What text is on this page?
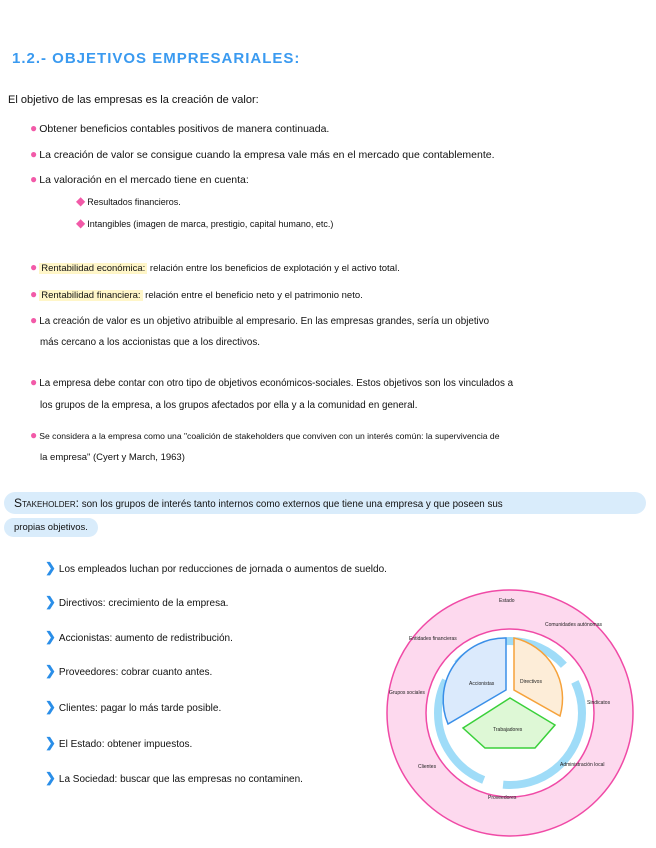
1.2.- OBJETIVOS EMPRESARIALES:
El objetivo de las empresas es la creación de valor:
● Obtener beneficios contables positivos de manera continuada.
● La creación de valor se consigue cuando la empresa vale más en el mercado que contablemente.
● La valoración en el mercado tiene en cuenta:
◆ Resultados financieros.
◆ Intangibles (imagen de marca, prestigio, capital humano, etc.)
● Rentabilidad económica: relación entre los beneficios de explotación y el activo total.
● Rentabilidad financiera: relación entre el beneficio neto y el patrimonio neto.
● La creación de valor es un objetivo atribuible al empresario. En las empresas grandes, sería un objetivo
más cercano a los accionistas que a los directivos.
● La empresa debe contar con otro tipo de objetivos económicos-sociales. Estos objetivos son los vinculados a
los grupos de la empresa, a los grupos afectados por ella y a la comunidad en general.
● Se considera a la empresa como una "coalición de stakeholders que conviven con un interés común: la supervivencia de
la empresa" (Cyert y March, 1963)
Stakeholder: son los grupos de interés tanto internos como externos que tiene una empresa y que poseen sus
propias objetivos.
❯ Los empleados luchan por reducciones de jornada o aumentos de sueldo.
❯ Directivos: crecimiento de la empresa.
❯ Accionistas: aumento de redistribución.
❯ Proveedores: cobrar cuanto antes.
❯ Clientes: pagar lo más tarde posible.
❯ El Estado: obtener impuestos.
❯ La Sociedad: buscar que las empresas no contaminen.
Accionistas	Directivos
Trabajadores
Estado
Comunidades autónomas
Sindicatos
Administración local
Proveedores
Clientes
Grupos sociales
Entidades financieras
